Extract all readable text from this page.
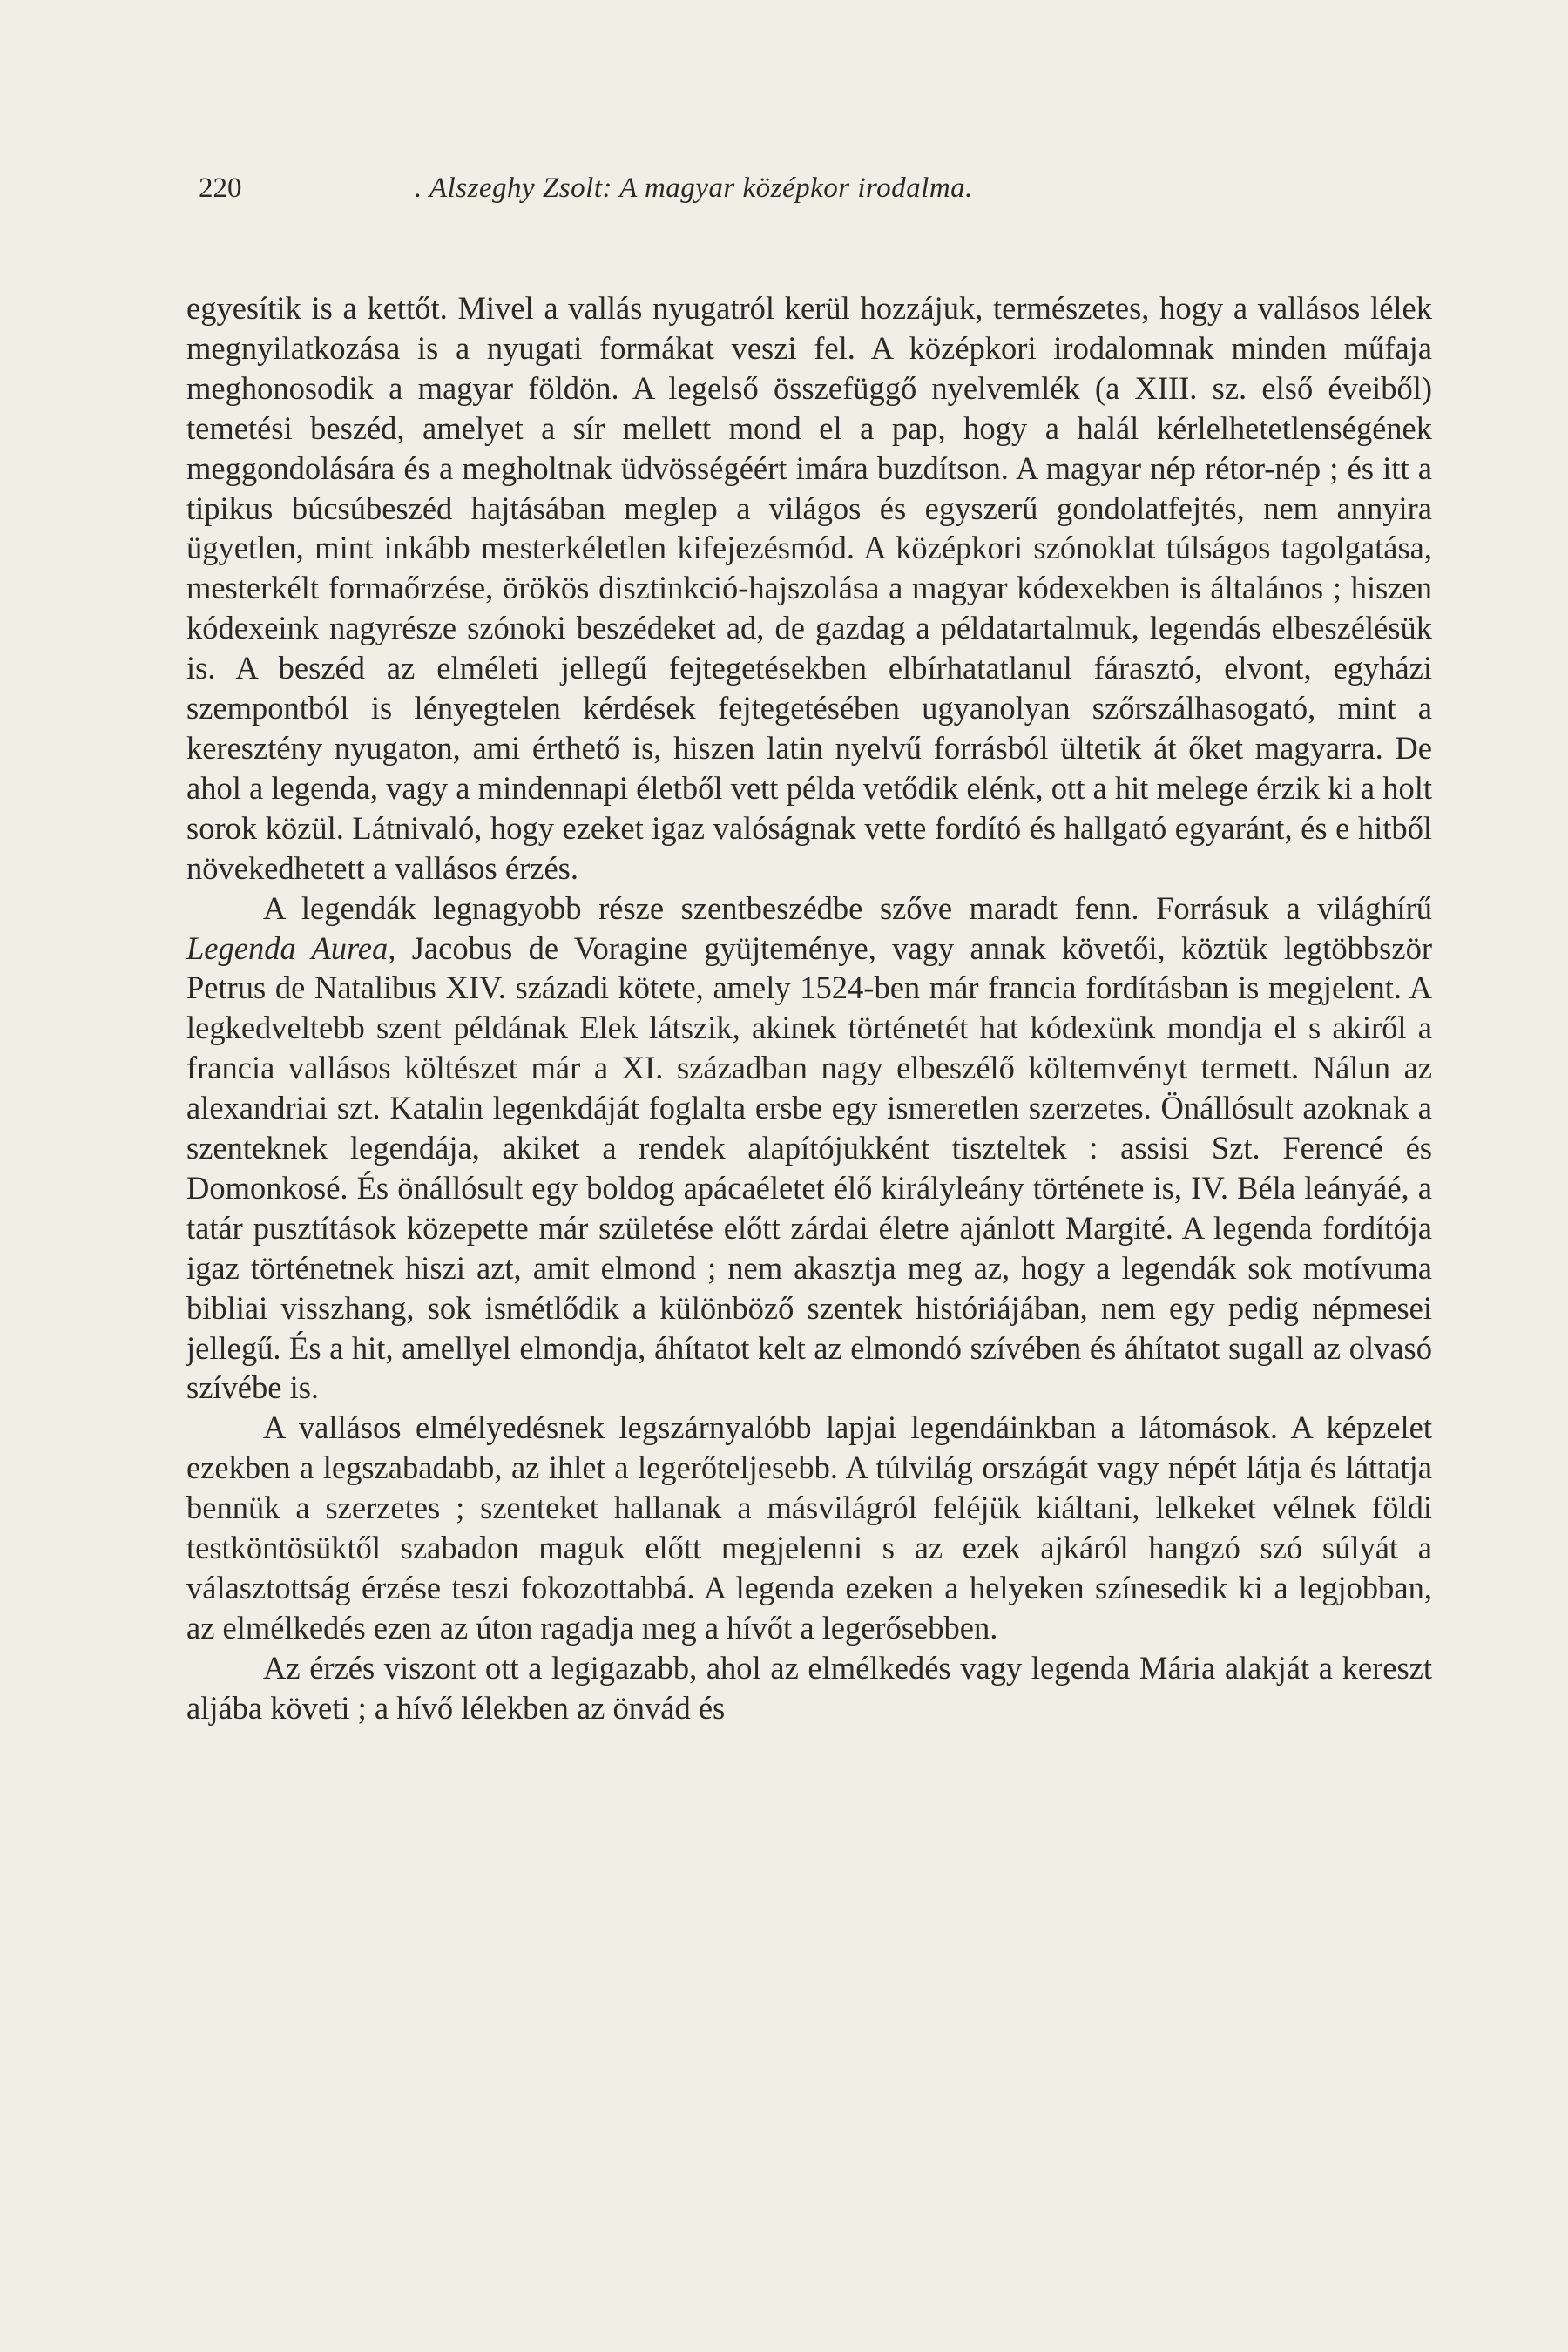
220	. Alszeghy Zsolt: A magyar középkor irodalma.

egyesítik is a kettőt. Mivel a vallás nyugatról kerül hozzájuk, természetes, hogy a vallásos lélek megnyilatkozása is a nyugati formákat veszi fel. A középkori irodalomnak minden műfaja meghonosodik a magyar földön. A legelső összefüggő nyelvemlék (a XIII. sz. első éveiből) temetési beszéd, amelyet a sír mellett mond el a pap, hogy a halál kérlelhetetlenségének meggondolására és a megholtnak üdvösségéért imára buzdítson. A magyar nép rétor-nép ; és itt a tipikus búcsúbeszéd hajtásában meglep a világos és egyszerű gondolatfejtés, nem annyira ügyetlen, mint inkább mesterkéletlen kifejezésmód. A középkori szónoklat túlságos tagolgatása, mesterkélt formaőrzése, örökös disztinkció-hajszolása a magyar kódexekben is általános ; hiszen kódexeink nagyrésze szónoki beszédeket ad, de gazdag a példatartalmuk, legendás elbeszélésük is. A beszéd az elméleti jellegű fejtegetésekben elbírhatatlanul fárasztó, elvont, egyházi szempontból is lényegtelen kérdések fejtegetésében ugyanolyan szőrszálhasogató, mint a keresztény nyugaton, ami érthető is, hiszen latin nyelvű forrásból ültetik át őket magyarra. De ahol a legenda, vagy a mindennapi életből vett példa vetődik elénk, ott a hit melege érzik ki a holt sorok közül. Látnivaló, hogy ezeket igaz valóságnak vette fordító és hallgató egyaránt, és e hitből növekedhetett a vallásos érzés.

A legendák legnagyobb része szentbeszédbe szőve maradt fenn. Forrásuk a világhírű Legenda Aurea, Jacobus de Voragine gyüjteménye, vagy annak követői, köztük legtöbbször Petrus de Natalibus XIV. századi kötete, amely 1524-ben már francia fordításban is megjelent. A legkedveltebb szent példának Elek látszik, akinek történetét hat kódexünk mondja el s akiről a francia vallásos költészet már a XI. században nagy elbeszélő költemvényt termett. Nálun az alexandriai szt. Katalin legenkdáját foglalta ersbe egy ismeretlen szerzetes. Önállósult azoknak a szenteknek legendája, akiket a rendek alapítójukként tiszteltek : assisi Szt. Ferencé és Domonkosé. És önállósult egy boldog apácaéletet élő királyleány története is, IV. Béla leányáé, a tatár pusztítások közepette már születése előtt zárdai életre ajánlott Margité. A legenda fordítója igaz történetnek hiszi azt, amit elmond ; nem akasztja meg az, hogy a legendák sok motívuma bibliai visszhang, sok ismétlődik a különböző szentek históriájában, nem egy pedig népmesei jellegű. És a hit, amellyel elmondja, áhítatot kelt az elmondó szívében és áhítatot sugall az olvasó szívébe is.

A vallásos elmélyedésnek legszárnyalóbb lapjai legendáinkban a látomások. A képzelet ezekben a legszabadabb, az ihlet a legerőteljesebb. A túlvilág országát vagy népét látja és láttatja bennük a szerzetes ; szenteket hallanak a másvilágról feléjük kiáltani, lelkeket vélnek földi testköntösüktől szabadon maguk előtt megjelenni s az ezek ajkáról hangzó szó súlyát a választottság érzése teszi fokozottabbá. A legenda ezeken a helyeken színesedik ki a legjobban, az elmélkedés ezen az úton ragadja meg a hívőt a legerősebben.

Az érzés viszont ott a legigazabb, ahol az elmélkedés vagy legenda Mária alakját a kereszt aljába követi ; a hívő lélekben az önvád és
